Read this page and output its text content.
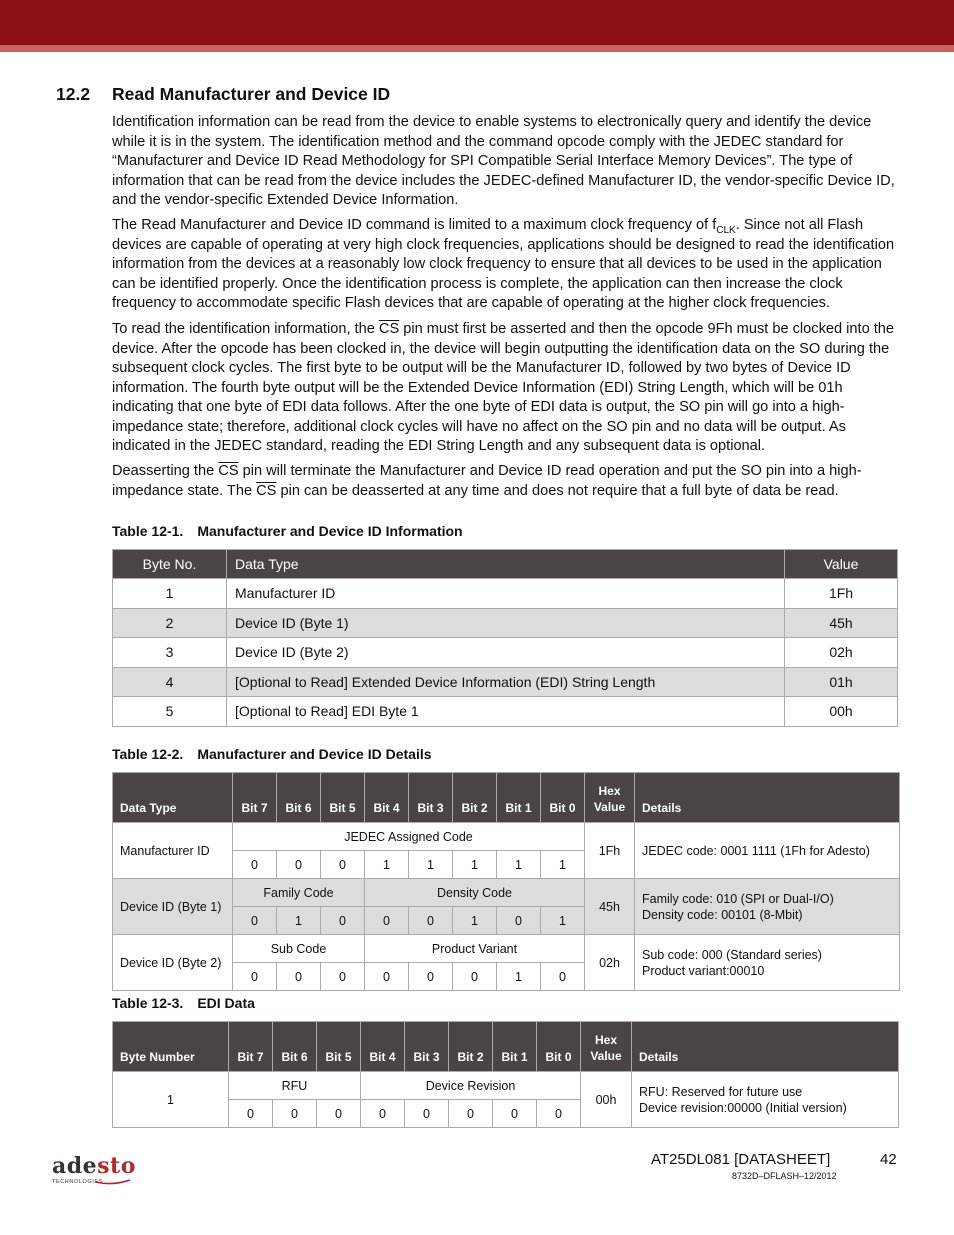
12.2 Read Manufacturer and Device ID

Identification information can be read from the device to enable systems to electronically query and identify the device while it is in the system. The identification method and the command opcode comply with the JEDEC standard for “Manufacturer and Device ID Read Methodology for SPI Compatible Serial Interface Memory Devices”. The type of information that can be read from the device includes the JEDEC-defined Manufacturer ID, the vendor-specific Device ID, and the vendor-specific Extended Device Information.

The Read Manufacturer and Device ID command is limited to a maximum clock frequency of $f_{CLK}$. Since not all Flash devices are capable of operating at very high clock frequencies, applications should be designed to read the identification information from the devices at a reasonably low clock frequency to ensure that all devices to be used in the application can be identified properly. Once the identification process is complete, the application can then increase the clock frequency to accommodate specific Flash devices that are capable of operating at the higher clock frequencies.

To read the identification information, the $\overline{CS}$ pin must first be asserted and then the opcode 9Fh must be clocked into the device. After the opcode has been clocked in, the device will begin outputting the identification data on the SO during the subsequent clock cycles. The first byte to be output will be the Manufacturer ID, followed by two bytes of Device ID information. The fourth byte output will be the Extended Device Information (EDI) String Length, which will be 01h indicating that one byte of EDI data follows. After the one byte of EDI data is output, the SO pin will go into a high-impedance state; therefore, additional clock cycles will have no affect on the SO pin and no data will be output. As indicated in the JEDEC standard, reading the EDI String Length and any subsequent data is optional.

Deasserting the $\overline{CS}$ pin will terminate the Manufacturer and Device ID read operation and put the SO pin into a high-impedance state. The $\overline{CS}$ pin can be deasserted at any time and does not require that a full byte of data be read.

Table 12-1. Manufacturer and Device ID Information
Byte No.	Data Type	Value
1	Manufacturer ID	1Fh
2	Device ID (Byte 1)	45h
3	Device ID (Byte 2)	02h
4	[Optional to Read] Extended Device Information (EDI) String Length	01h
5	[Optional to Read] EDI Byte 1	00h
Table 12-2. Manufacturer and Device ID Details
Data Type	Bit 7	Bit 6	Bit 5	Bit 4	Bit 3	Bit 2	Bit 1	Bit 0	Hex Value	Details
Manufacturer ID	JEDEC Assigned Code								1Fh	JEDEC code: 0001 1111 (1Fh for Adesto)
	0	0	0	1	1	1	1	1		
Device ID (Byte 1)	Family Code			Density Code					45h	Family code: 010 (SPI or Dual-I/O)
Density code: 00101 (8-Mbit)

	0	1	0	0	0	1	0	1		
Device ID (Byte 2)	Sub Code			Product Variant					02h	Sub code: 000 (Standard series)
Product variant:00010

	0	0	0	0	0	0	1	0		
Table 12-3. EDI Data
Byte Number	Bit 7	Bit 6	Bit 5	Bit 4	Bit 3	Bit 2	Bit 1	Bit 0	Hex Value	Details
1	RFU			Device Revision					00h	RFU: Reserved for future use
Device revision:00000 (Initial version)

	0	0	0	0	0	0	0	0		
adesto
TECHNOLOGIES
AT25DL081 [DATASHEET]	42
8732D–DFLASH–12/2012
